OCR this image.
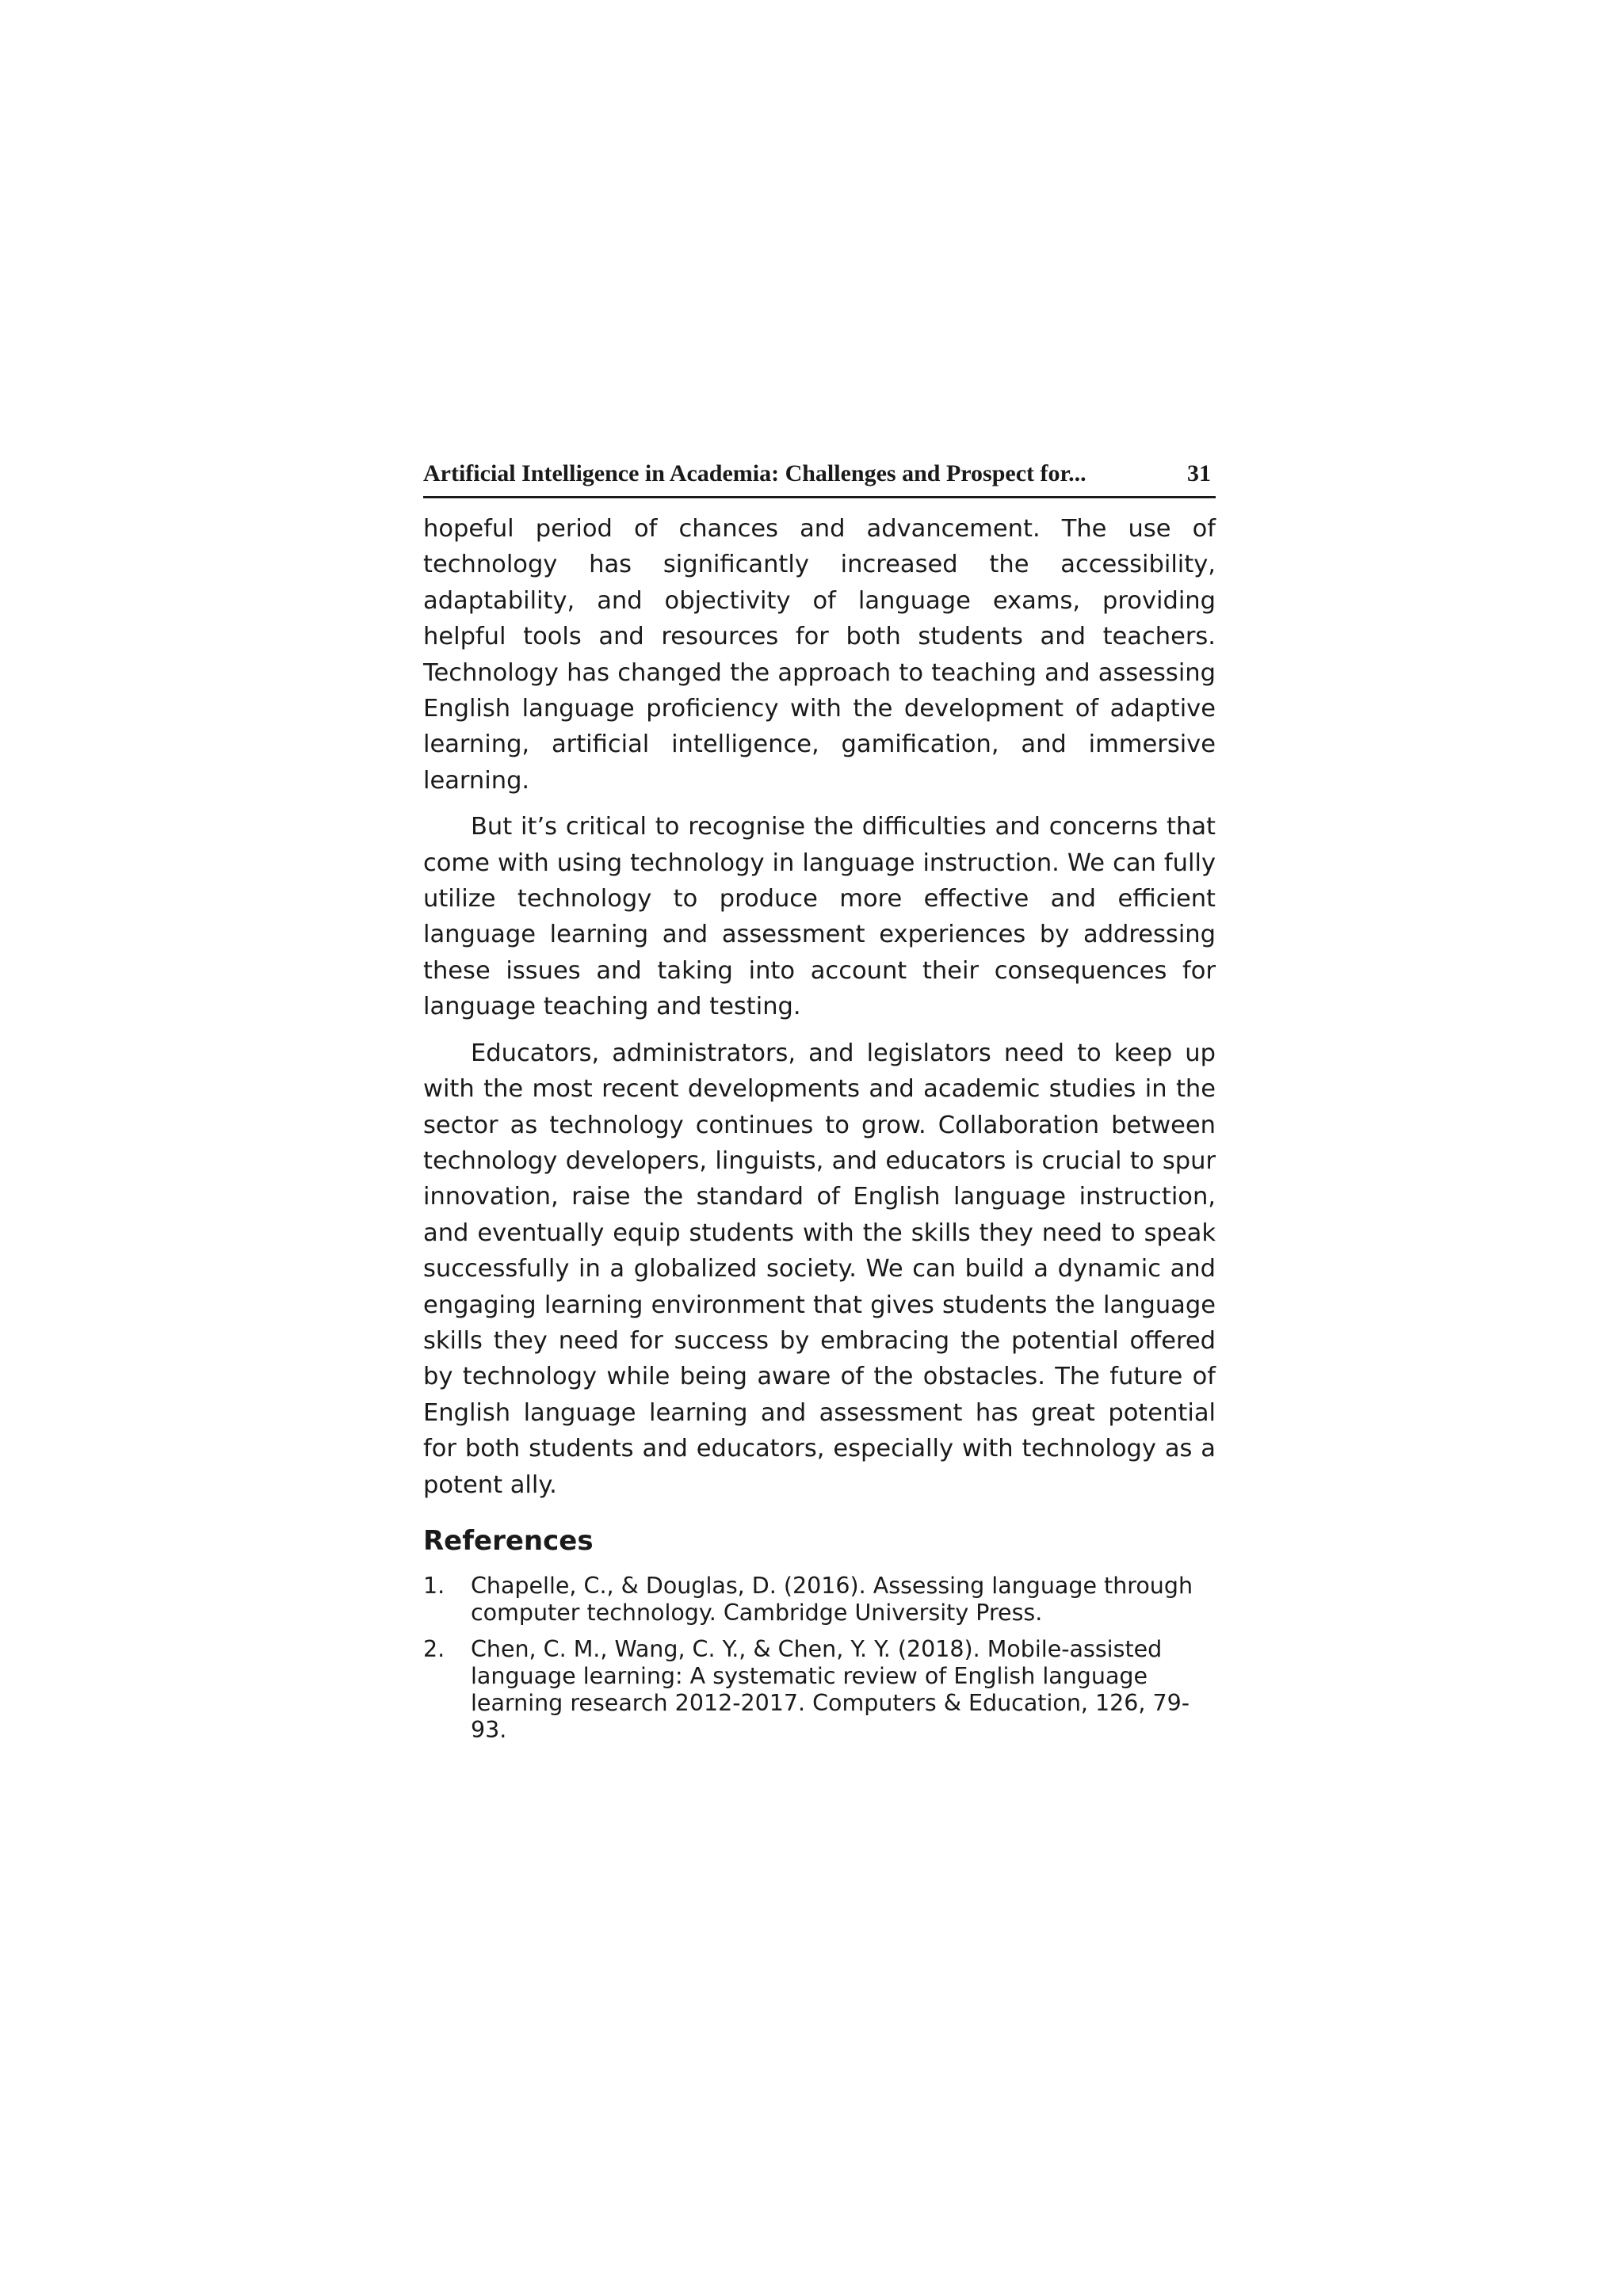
Artificial Intelligence in Academia: Challenges and Prospect for...	31

hopeful period of chances and advancement. The use of technology has significantly increased the accessibility, adaptability, and objectivity of language exams, providing helpful tools and resources for both students and teachers. Technology has changed the approach to teaching and assessing English language proficiency with the development of adaptive learning, artificial intelligence, gamification, and immersive learning.

But it’s critical to recognise the difficulties and concerns that come with using technology in language instruction. We can fully utilize technology to produce more effective and efficient language learning and assessment experiences by addressing these issues and taking into account their consequences for language teaching and testing.

Educators, administrators, and legislators need to keep up with the most recent developments and academic studies in the sector as technology continues to grow. Collaboration between technology developers, linguists, and educators is crucial to spur innovation, raise the standard of English language instruction, and eventually equip students with the skills they need to speak successfully in a globalized society. We can build a dynamic and engaging learning environment that gives students the language skills they need for success by embracing the potential offered by technology while being aware of the obstacles. The future of English language learning and assessment has great potential for both students and educators, especially with technology as a potent ally.

References
1.	Chapelle, C., & Douglas, D. (2016). Assessing language through computer technology. Cambridge University Press.
2.	Chen, C. M., Wang, C. Y., & Chen, Y. Y. (2018). Mobile-assisted language learning: A systematic review of English language learning research 2012-2017. Computers & Education, 126, 79-93.
